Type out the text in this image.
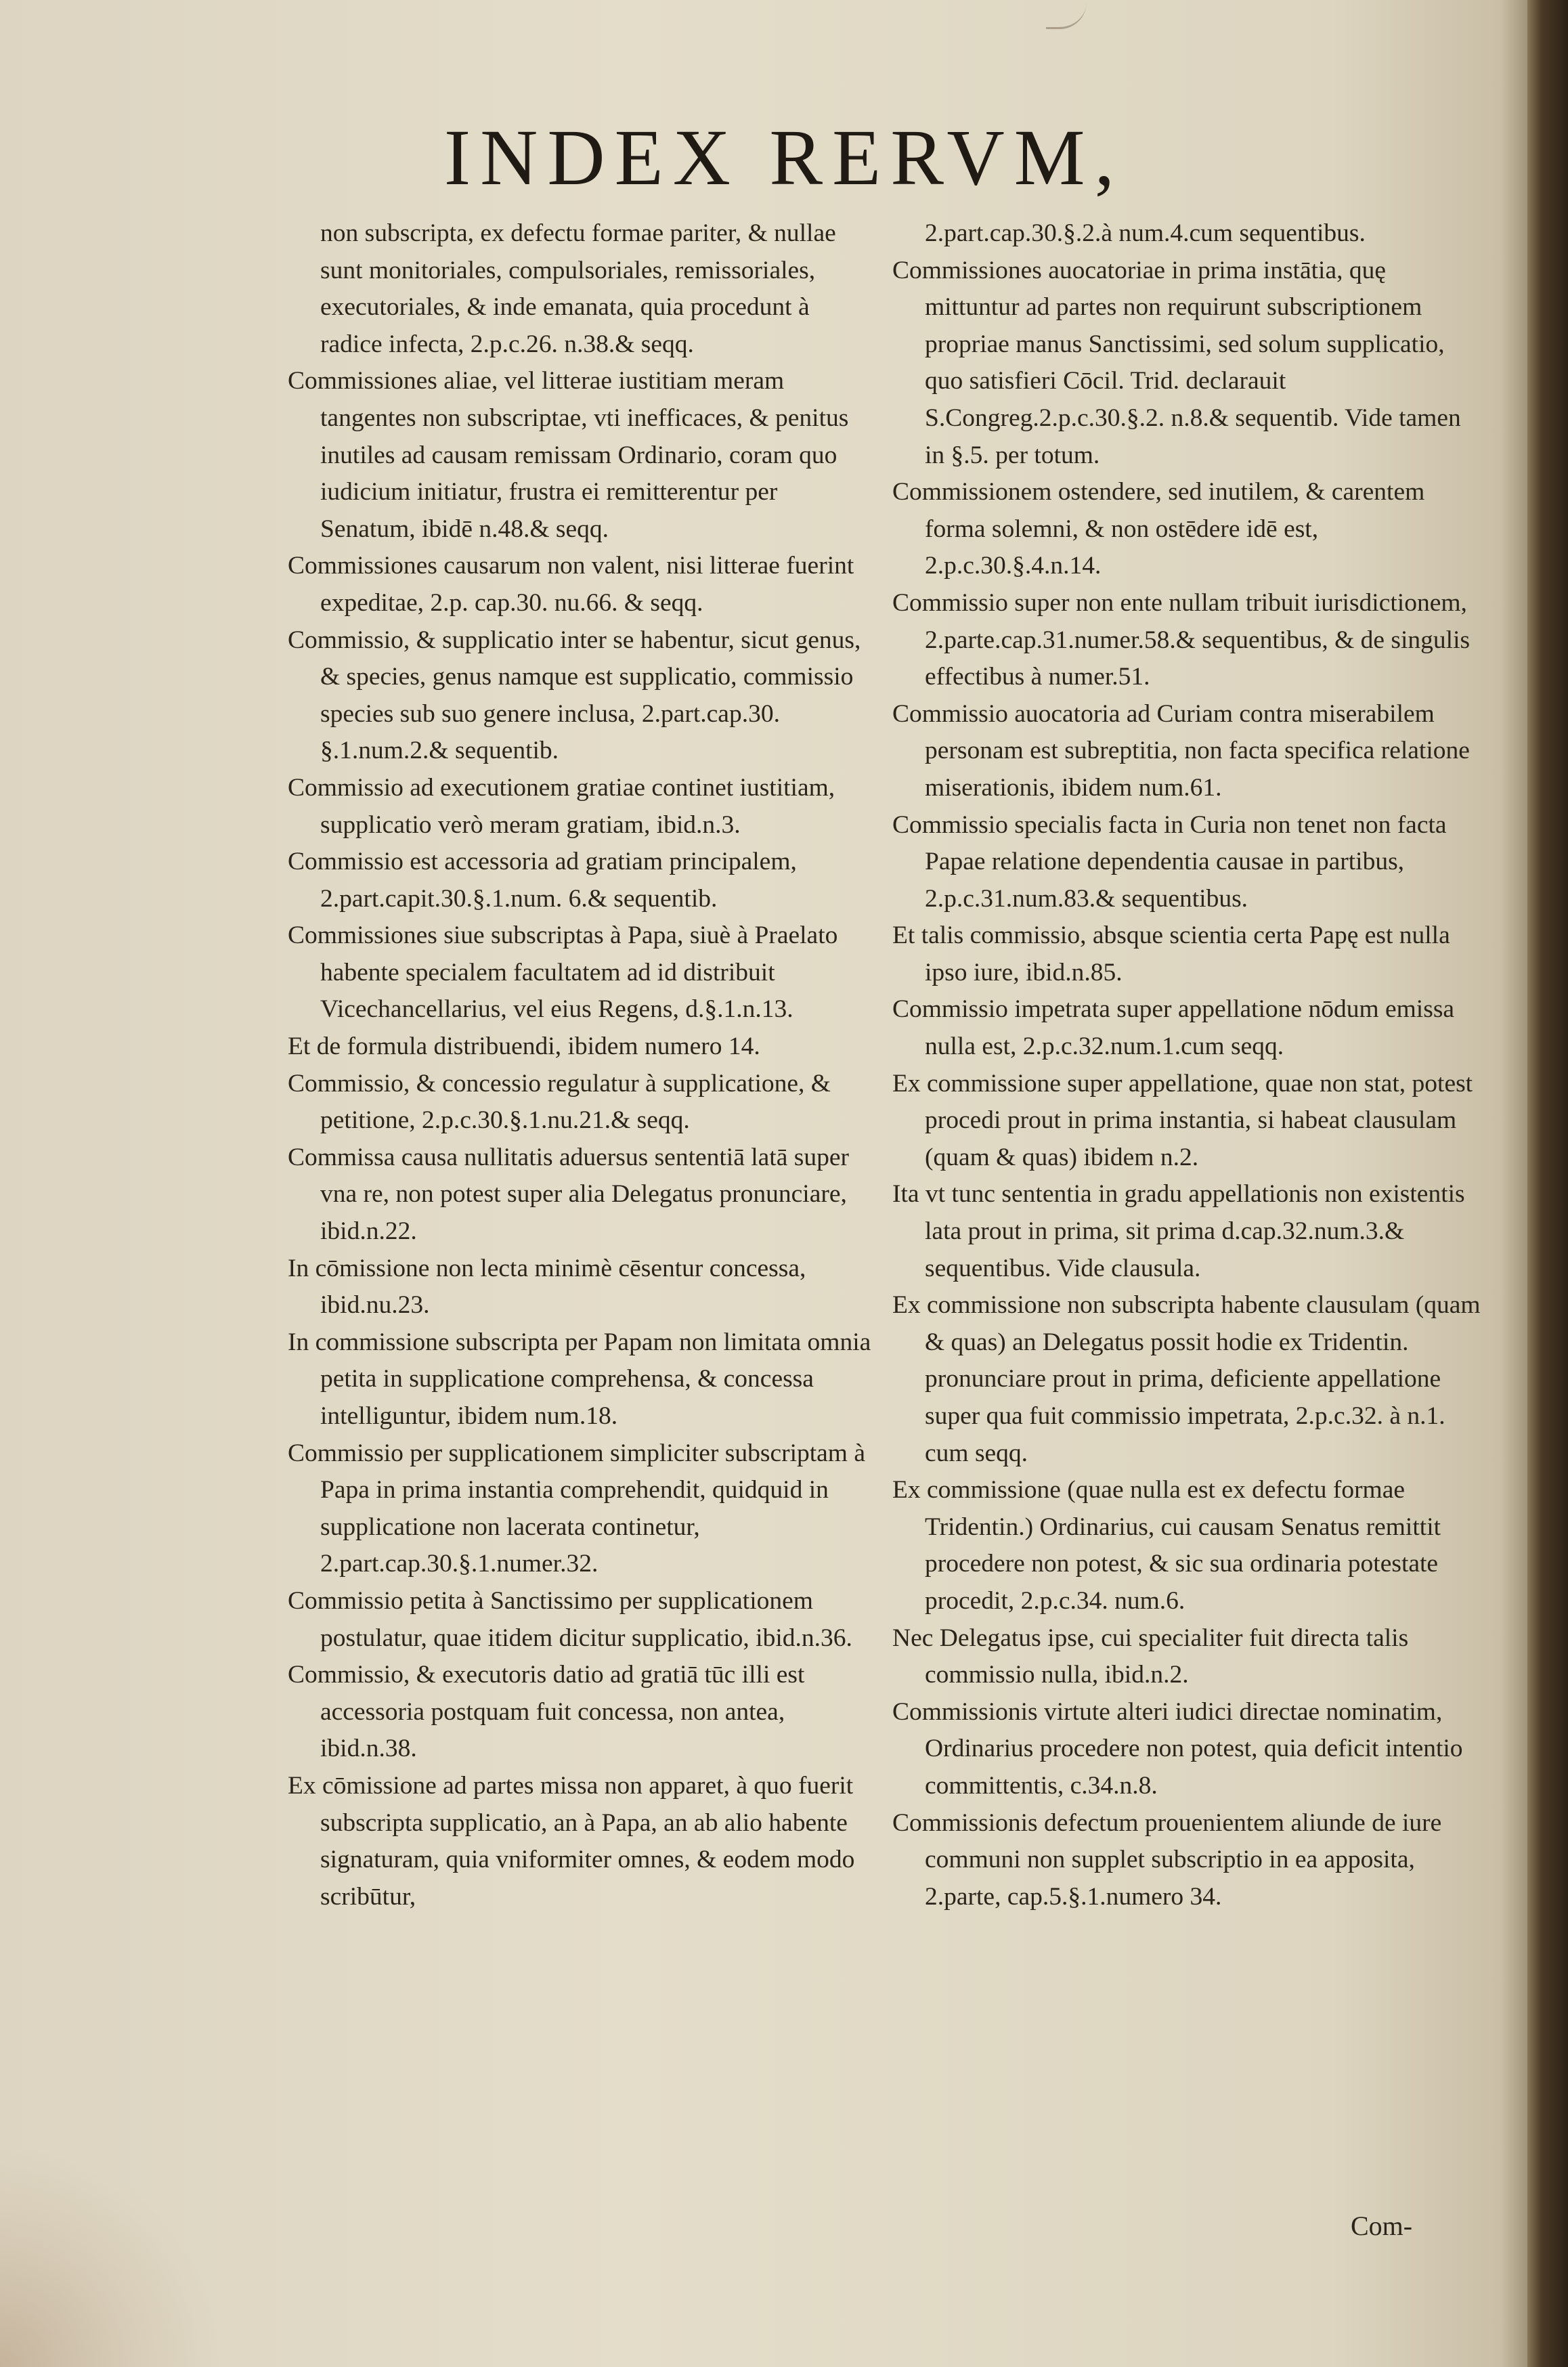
INDEX RERVM,
non subscripta, ex defectu formae pariter, & nullae sunt monitoriales, compulsoriales, remissoriales, executoriales, & inde emanata, quia procedunt à radice infecta, 2.p.c.26. n.38.& seqq.
Commissiones aliae, vel litterae iustitiam meram tangentes non subscriptae, vti inefficaces, & penitus inutiles ad causam remissam Ordinario, coram quo iudicium initiatur, frustra ei remitterentur per Senatum, ibidē n.48.& seqq.
Commissiones causarum non valent, nisi litterae fuerint expeditae, 2.p. cap.30. nu.66. & seqq.
Commissio, & supplicatio inter se habentur, sicut genus, & species, genus namque est supplicatio, commissio species sub suo genere inclusa, 2.part.cap.30. §.1.num.2.& sequentib.
Commissio ad executionem gratiae continet iustitiam, supplicatio verò meram gratiam, ibid.n.3.
Commissio est accessoria ad gratiam principalem, 2.part.capit.30.§.1.num. 6.& sequentib.
Commissiones siue subscriptas à Papa, siuè à Praelato habente specialem facultatem ad id distribuit Vicechancellarius, vel eius Regens, d.§.1.n.13.
Et de formula distribuendi, ibidem numero 14.
Commissio, & concessio regulatur à supplicatione, & petitione, 2.p.c.30.§.1.nu.21.& seqq.
Commissa causa nullitatis aduersus sententiā latā super vna re, non potest super alia Delegatus pronunciare, ibid.n.22.
In cōmissione non lecta minimè cēsentur concessa, ibid.nu.23.
In commissione subscripta per Papam non limitata omnia petita in supplicatione comprehensa, & concessa intelliguntur, ibidem num.18.
Commissio per supplicationem simpliciter subscriptam à Papa in prima instantia comprehendit, quidquid in supplicatione non lacerata continetur, 2.part.cap.30.§.1.numer.32.
Commissio petita à Sanctissimo per supplicationem postulatur, quae itidem dicitur supplicatio, ibid.n.36.
Commissio, & executoris datio ad gratiā tūc illi est accessoria postquam fuit concessa, non antea, ibid.n.38.
Ex cōmissione ad partes missa non apparet, à quo fuerit subscripta supplicatio, an à Papa, an ab alio habente signaturam, quia vniformiter omnes, & eodem modo scribūtur,
2.part.cap.30.§.2.à num.4.cum sequentibus.
Commissiones auocatoriae in prima instātia, quę mittuntur ad partes non requirunt subscriptionem propriae manus Sanctissimi, sed solum supplicatio, quo satisfieri Cōcil. Trid. declarauit S.Congreg.2.p.c.30.§.2. n.8.& sequentib. Vide tamen in §.5. per totum.
Commissionem ostendere, sed inutilem, & carentem forma solemni, & non ostēdere idē est, 2.p.c.30.§.4.n.14.
Commissio super non ente nullam tribuit iurisdictionem, 2.parte.cap.31.numer.58.& sequentibus, & de singulis effectibus à numer.51.
Commissio auocatoria ad Curiam contra miserabilem personam est subreptitia, non facta specifica relatione miserationis, ibidem num.61.
Commissio specialis facta in Curia non tenet non facta Papae relatione dependentia causae in partibus, 2.p.c.31.num.83.& sequentibus.
Et talis commissio, absque scientia certa Papę est nulla ipso iure, ibid.n.85.
Commissio impetrata super appellatione nōdum emissa nulla est, 2.p.c.32.num.1.cum seqq.
Ex commissione super appellatione, quae non stat, potest procedi prout in prima instantia, si habeat clausulam (quam & quas) ibidem n.2.
Ita vt tunc sententia in gradu appellationis non existentis lata prout in prima, sit prima d.cap.32.num.3.& sequentibus. Vide clausula.
Ex commissione non subscripta habente clausulam (quam & quas) an Delegatus possit hodie ex Tridentin. pronunciare prout in prima, deficiente appellatione super qua fuit commissio impetrata, 2.p.c.32. à n.1. cum seqq.
Ex commissione (quae nulla est ex defectu formae Tridentin.) Ordinarius, cui causam Senatus remittit procedere non potest, & sic sua ordinaria potestate procedit, 2.p.c.34. num.6.
Nec Delegatus ipse, cui specialiter fuit directa talis commissio nulla, ibid.n.2.
Commissionis virtute alteri iudici directae nominatim, Ordinarius procedere non potest, quia deficit intentio committentis, c.34.n.8.
Commissionis defectum prouenientem aliunde de iure communi non supplet subscriptio in ea apposita, 2.parte, cap.5.§.1.numero 34.
Com-
